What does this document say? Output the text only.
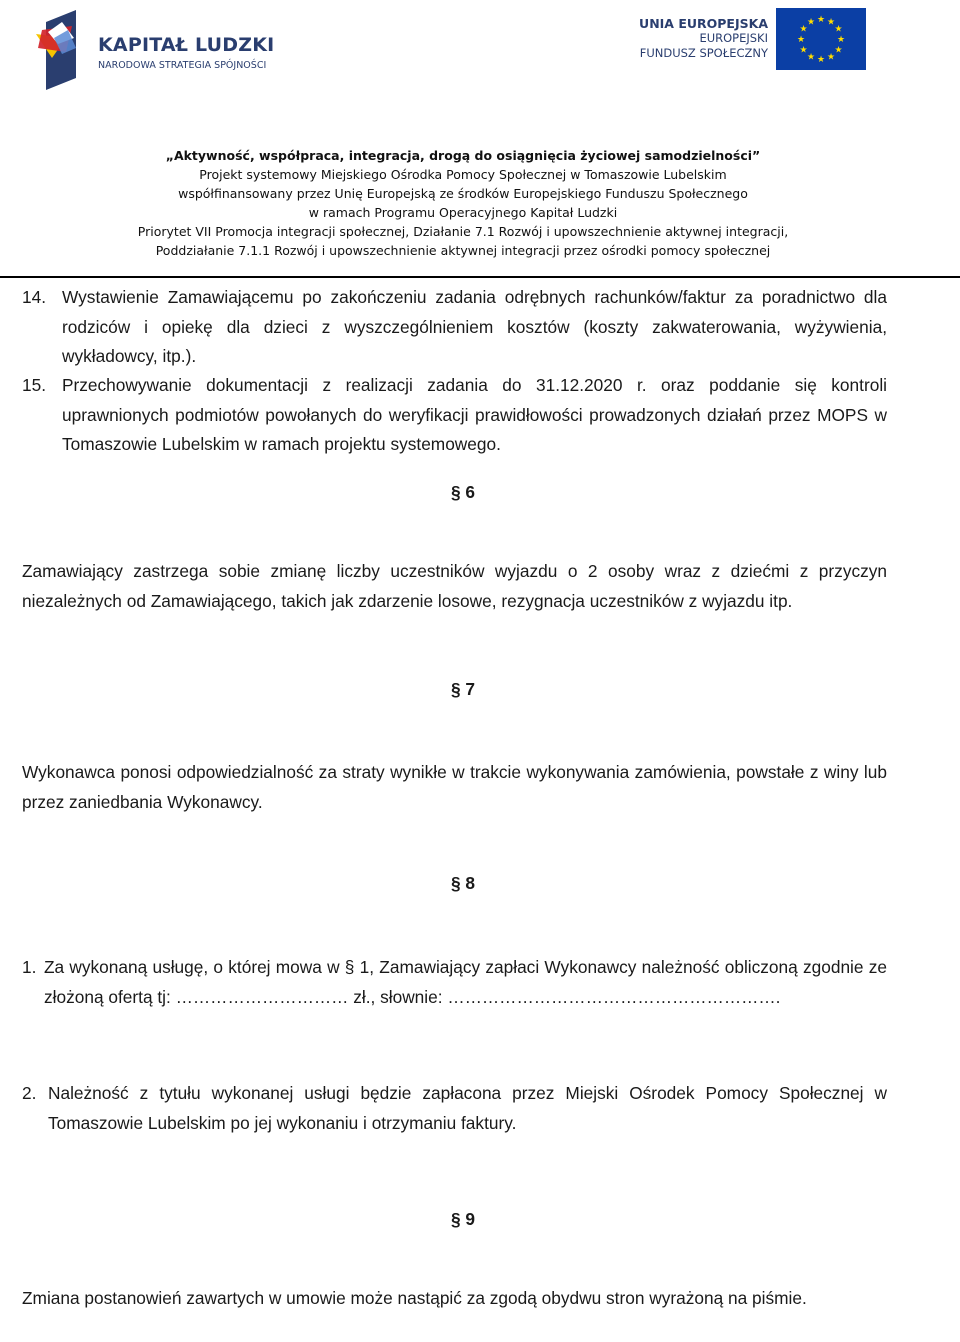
KAPITAŁ LUDZKI
NARODOWA STRATEGIA SPÓJNOŚCI
UNIA EUROPEJSKA
EUROPEJSKI
FUNDUSZ SPOŁECZNY
★ ★
★
★
★
★
★
★
★
★
★
★
„Aktywność, współpraca, integracja, drogą do osiągnięcia życiowej samodzielności”
Projekt systemowy Miejskiego Ośrodka Pomocy Społecznej w Tomaszowie Lubelskim
współfinansowany przez Unię Europejską ze środków Europejskiego Funduszu Społecznego
w ramach Programu Operacyjnego Kapitał Ludzki
Priorytet VII Promocja integracji społecznej, Działanie 7.1 Rozwój i upowszechnienie aktywnej integracji,
Poddziałanie 7.1.1 Rozwój i upowszechnienie aktywnej integracji przez ośrodki pomocy społecznej
14. Wystawienie Zamawiającemu po zakończeniu zadania odrębnych rachunków/faktur za poradnictwo dla rodziców i opiekę dla dzieci z wyszczególnieniem kosztów (koszty zakwaterowania, wyżywienia, wykładowcy, itp.).
15. Przechowywanie dokumentacji z realizacji zadania do 31.12.2020 r. oraz poddanie się kontroli uprawnionych podmiotów powołanych do weryfikacji prawidłowości prowadzonych działań przez MOPS w Tomaszowie Lubelskim w ramach projektu systemowego.
§ 6
Zamawiający zastrzega sobie zmianę liczby uczestników wyjazdu o 2 osoby wraz z dziećmi z przyczyn niezależnych od Zamawiającego, takich jak zdarzenie losowe, rezygnacja uczestników z wyjazdu itp.
§ 7
Wykonawca ponosi odpowiedzialność za straty wynikłe w trakcie wykonywania zamówienia, powstałe z winy lub przez zaniedbania Wykonawcy.
§ 8
1. Za wykonaną usługę, o której mowa w § 1, Zamawiający zapłaci Wykonawcy należność obliczoną zgodnie ze złożoną ofertą tj: ………………………… zł., słownie: ………………………………………………….
2. Należność z tytułu wykonanej usługi będzie zapłacona przez Miejski Ośrodek Pomocy Społecznej w Tomaszowie Lubelskim po jej wykonaniu i otrzymaniu faktury.
§ 9
Zmiana postanowień zawartych w umowie może nastąpić za zgodą obydwu stron wyrażoną na piśmie.
